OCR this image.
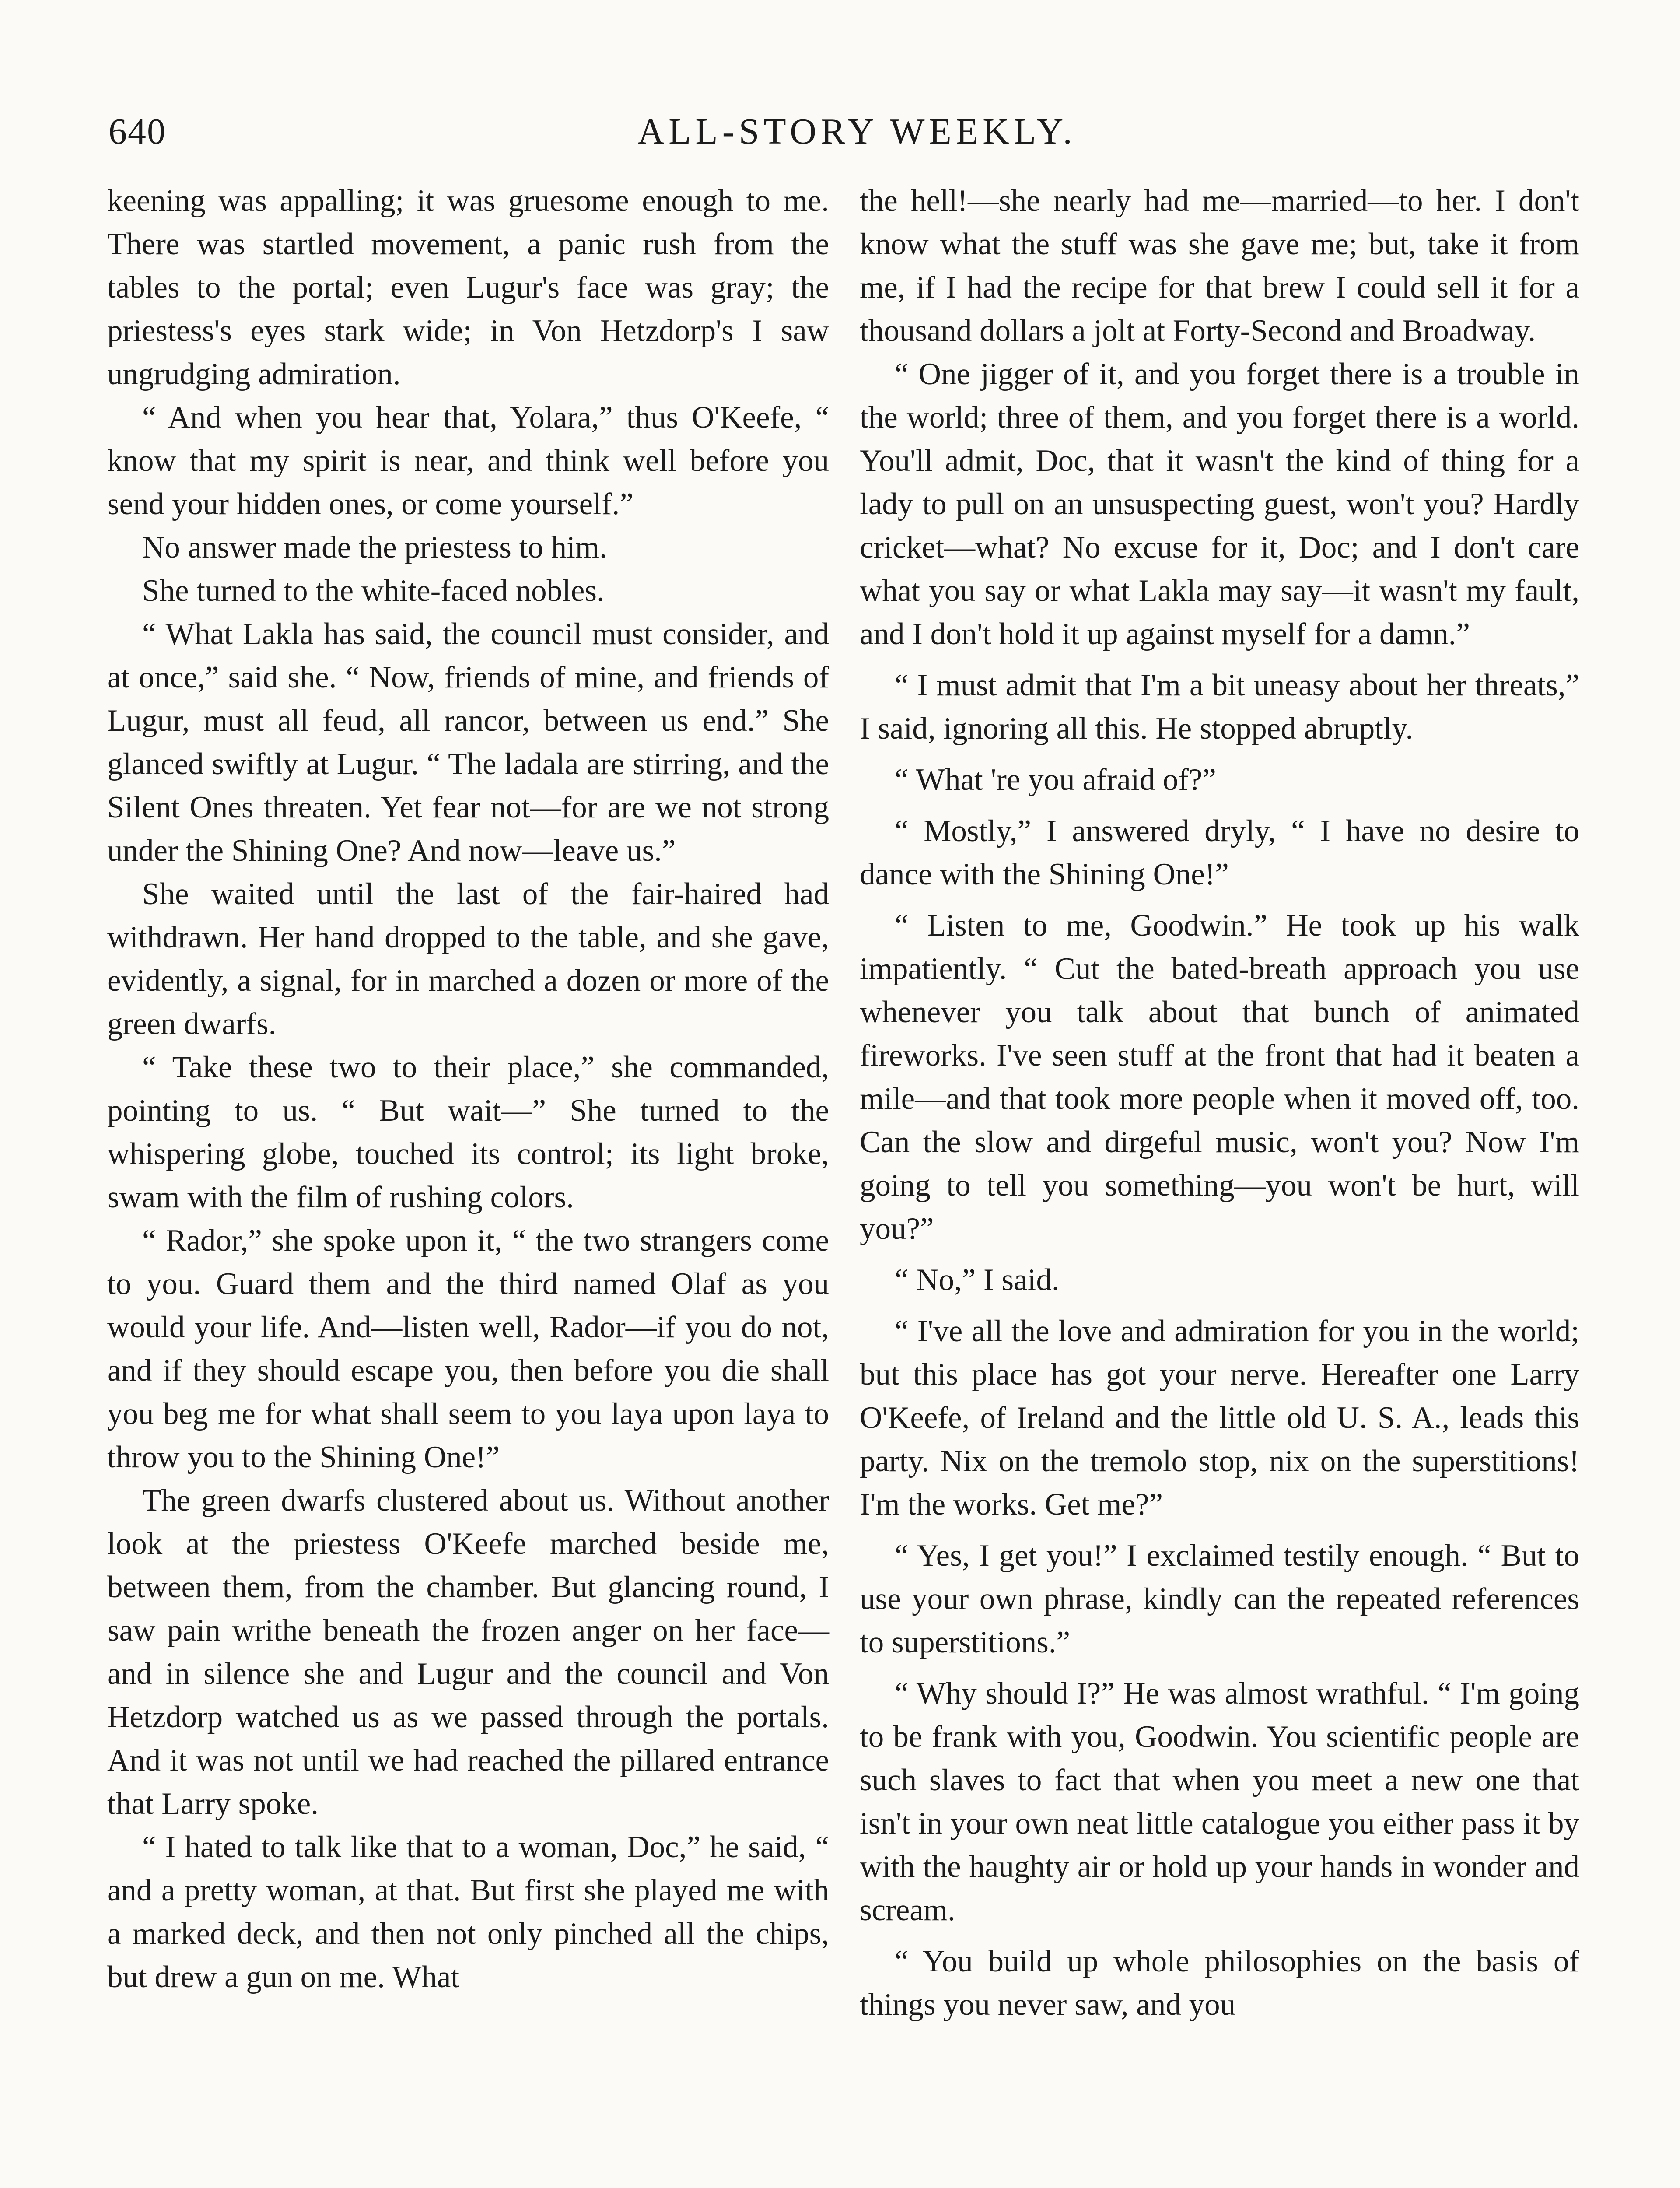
640	ALL-STORY WEEKLY.

keening was appalling; it was gruesome enough to me. There was startled movement, a panic rush from the tables to the portal; even Lugur's face was gray; the priestess's eyes stark wide; in Von Hetzdorp's I saw ungrudging admiration.

“ And when you hear that, Yolara,” thus O'Keefe, “ know that my spirit is near, and think well before you send your hidden ones, or come yourself.”

No answer made the priestess to him.

She turned to the white-faced nobles.

“ What Lakla has said, the council must consider, and at once,” said she. “ Now, friends of mine, and friends of Lugur, must all feud, all rancor, between us end.” She glanced swiftly at Lugur. “ The ladala are stirring, and the Silent Ones threaten. Yet fear not—for are we not strong under the Shining One? And now—leave us.”

She waited until the last of the fair-haired had withdrawn. Her hand dropped to the table, and she gave, evidently, a signal, for in marched a dozen or more of the green dwarfs.

“ Take these two to their place,” she commanded, pointing to us. “ But wait—” She turned to the whispering globe, touched its control; its light broke, swam with the film of rushing colors.

“ Rador,” she spoke upon it, “ the two strangers come to you. Guard them and the third named Olaf as you would your life. And—listen well, Rador—if you do not, and if they should escape you, then before you die shall you beg me for what shall seem to you laya upon laya to throw you to the Shining One!”

The green dwarfs clustered about us. Without another look at the priestess O'Keefe marched beside me, between them, from the chamber. But glancing round, I saw pain writhe beneath the frozen anger on her face—and in silence she and Lugur and the council and Von Hetzdorp watched us as we passed through the portals. And it was not until we had reached the pillared entrance that Larry spoke.

“ I hated to talk like that to a woman, Doc,” he said, “ and a pretty woman, at that. But first she played me with a marked deck, and then not only pinched all the chips, but drew a gun on me. What

the hell!—she nearly had me—married—to her. I don't know what the stuff was she gave me; but, take it from me, if I had the recipe for that brew I could sell it for a thousand dollars a jolt at Forty-Second and Broadway.

“ One jigger of it, and you forget there is a trouble in the world; three of them, and you forget there is a world. You'll admit, Doc, that it wasn't the kind of thing for a lady to pull on an unsuspecting guest, won't you? Hardly cricket—what? No excuse for it, Doc; and I don't care what you say or what Lakla may say—it wasn't my fault, and I don't hold it up against myself for a damn.”

“ I must admit that I'm a bit uneasy about her threats,” I said, ignoring all this. He stopped abruptly.

“ What 're you afraid of?”

“ Mostly,” I answered dryly, “ I have no desire to dance with the Shining One!”

“ Listen to me, Goodwin.” He took up his walk impatiently. “ Cut the bated-breath approach you use whenever you talk about that bunch of animated fireworks. I've seen stuff at the front that had it beaten a mile—and that took more people when it moved off, too. Can the slow and dirgeful music, won't you? Now I'm going to tell you something—you won't be hurt, will you?”

“ No,” I said.

“ I've all the love and admiration for you in the world; but this place has got your nerve. Hereafter one Larry O'Keefe, of Ireland and the little old U. S. A., leads this party. Nix on the tremolo stop, nix on the superstitions! I'm the works. Get me?”

“ Yes, I get you!” I exclaimed testily enough. “ But to use your own phrase, kindly can the repeated references to superstitions.”

“ Why should I?” He was almost wrathful. “ I'm going to be frank with you, Goodwin. You scientific people are such slaves to fact that when you meet a new one that isn't in your own neat little catalogue you either pass it by with the haughty air or hold up your hands in wonder and scream.

“ You build up whole philosophies on the basis of things you never saw, and you
